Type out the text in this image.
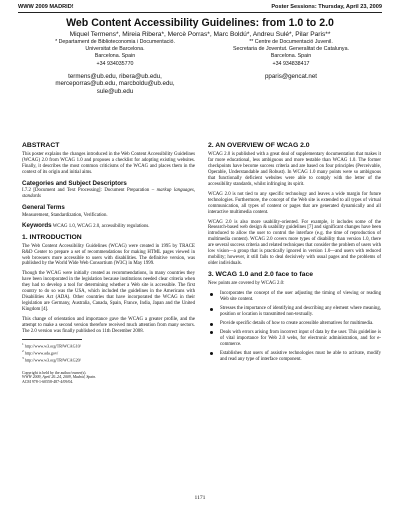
WWW 2009 MADRID!	Poster Sessions: Thursday, April 23, 2009
Web Content Accessibility Guidelines: from 1.0 to 2.0
Miquel Termens*, Mireia Ribera*, Mercè Porras*, Marc Boldú*, Andreu Sulé*, Pilar Paris**
* Departament de Biblioteconomia i Documentació.
Universitat de Barcelona.
Barcelona. Spain
+34 934035770
termens@ub.edu, ribera@ub.edu,
merceporras@ub.edu, marcboldu@ub.edu,
sule@ub.edu
** Centre de Documentació Juvenil.
Secretaria de Joventut. Generalitat de Catalunya.
Barcelona. Spain
+34 934838417
pparis@gencat.net
ABSTRACT

This poster explains the changes introduced in the Web Content Accessibility Guidelines (WCAG) 2.0 from WCAG 1.0 and proposes a checklist for adopting existing websites. Finally, it describes the most common criticisms of the WCAG and places them in the context of its origin and initial aims.

Categories and Subject Descriptors

I.7.2 [Document and Text Processing]: Document Preparation – markup languages, standards

General Terms

Measurement, Standardization, Verification.

Keywords WCAG 1.0, WCAG 2.0, accessibility regulations.

1. INTRODUCTION

The Web Content Accessibility Guidelines (WCAG) were created in 1995 by TRACE R&D Center to prepare a set of recommendations for making HTML pages viewed in web browsers more accessible to users with disabilities. The definitive version, was published by the World Wide Web Consortium (W3C) in May 1999.

Though the WCAG were initially created as recommendations, in many countries they have been incorporated in the legislation because institutions needed clear criteria when they had to develop a tool for determining whether a Web site is accessible. The first country to do so was the USA, which included the guidelines in the Americans with Disabilities Act (ADA). Other countries that have incorporated the WCAG in their legislation are Germany, Australia, Canada, Spain, France, India, Japan and the United Kingdom [4].

This change of orientation and importance gave the WCAG a greater profile, and the attempt to make a second version therefore received much attention from many sectors. The 2.0 version was finally published on 11th December 2008.

$^1$ http://www.w3.org/TR/WCAG10/
$^2$ http://www.ada.gov/
$^3$ http://www.w3.org/TR/WCAG20/
Copyright is held by the author/owner(s).
WWW 2009, April 20–24, 2009, Madrid, Spain.
ACM 978-1-60558-487-4/09/04.
2. AN OVERVIEW OF WCAG 2.0

WCAG 2.0 is published with a great deal of supplementary documentation that makes it far more educational, less ambiguous and more testable than WCAG 1.0. The former checkpoints have become success criteria and are based on four principles (Perceivable, Operable, Understandable and Robust). In WCAG 1.0 many points were so ambiguous that functionally deficient websites were able to comply with the letter of the accessibility standards, whilst infringing its spirit.

WCAG 2.0 is not tied to any specific technology and leaves a wide margin for future technologies. Furthermore, the concept of the Web site is extended to all types of virtual communication, all types of content or pages that are generated dynamically and all interactive multimedia content.

WCAG 2.0 is also more usability-oriented. For example, it includes some of the Research-based web design & usability guidelines [7] and significant changes have been introduced to allow the user to control the interface (e.g. the time of reproduction of multimedia content). WCAG 2.0 covers more types of disability than version 1.0, there are several success criteria and related techniques that consider the problem of users with low vision—a group that is practically ignored in version 1.0—and users with reduced mobility; however, it still fails to deal decisively with usual pages and the problems of older individuals.

3. WCAG 1.0 and 2.0 face to face

New points are covered by WCAG 2.0:

Incorporates the concept of the user adjusting the timing of viewing or reading Web site content.
Stresses the importance of identifying and describing any element where meaning, position or location is transmitted non-textually.
Provide specific details of how to create accessible alternatives for multimedia.
Deals with errors arising from incorrect input of data by the user. This guideline is of vital importance for Web 2.0 webs, for electronic administration, and for e-commerce.
Establishes that users of assistive technologies must be able to activate, modify and read any type of interface component.
1171
